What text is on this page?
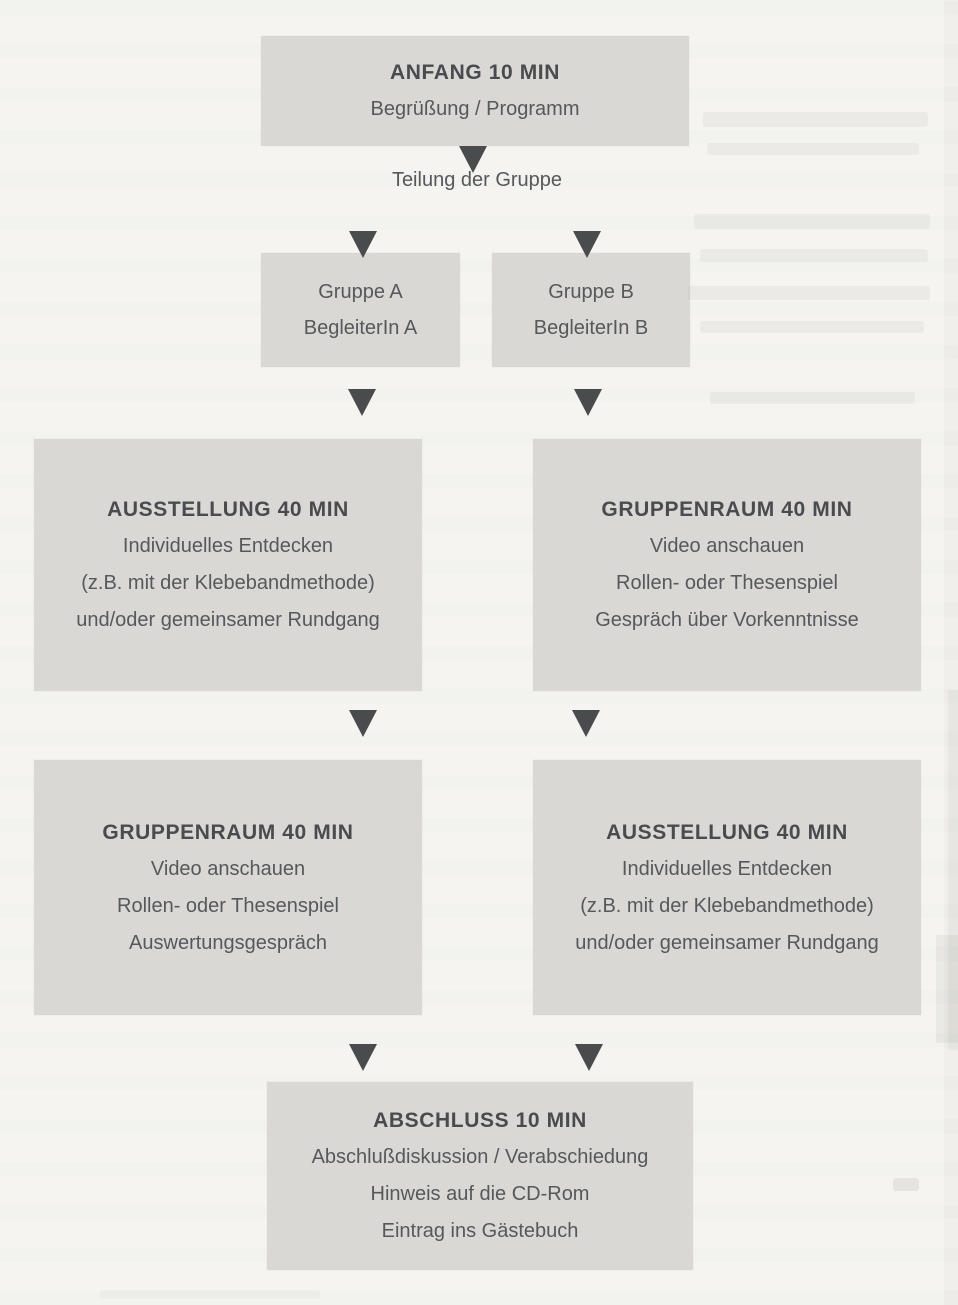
ANFANG 10 MIN
Begrüßung / Programm
Teilung der Gruppe
Gruppe A
BegleiterIn A
Gruppe B
BegleiterIn B
AUSSTELLUNG 40 MIN
Individuelles Entdecken
(z.B. mit der Klebebandmethode)
und/oder gemeinsamer Rundgang
GRUPPENRAUM 40 MIN
Video anschauen
Rollen- oder Thesenspiel
Gespräch über Vorkenntnisse
GRUPPENRAUM 40 MIN
Video anschauen
Rollen- oder Thesenspiel
Auswertungsgespräch
AUSSTELLUNG 40 MIN
Individuelles Entdecken
(z.B. mit der Klebebandmethode)
und/oder gemeinsamer Rundgang
ABSCHLUSS 10 MIN
Abschlußdiskussion / Verabschiedung
Hinweis auf die CD-Rom
Eintrag ins Gästebuch
